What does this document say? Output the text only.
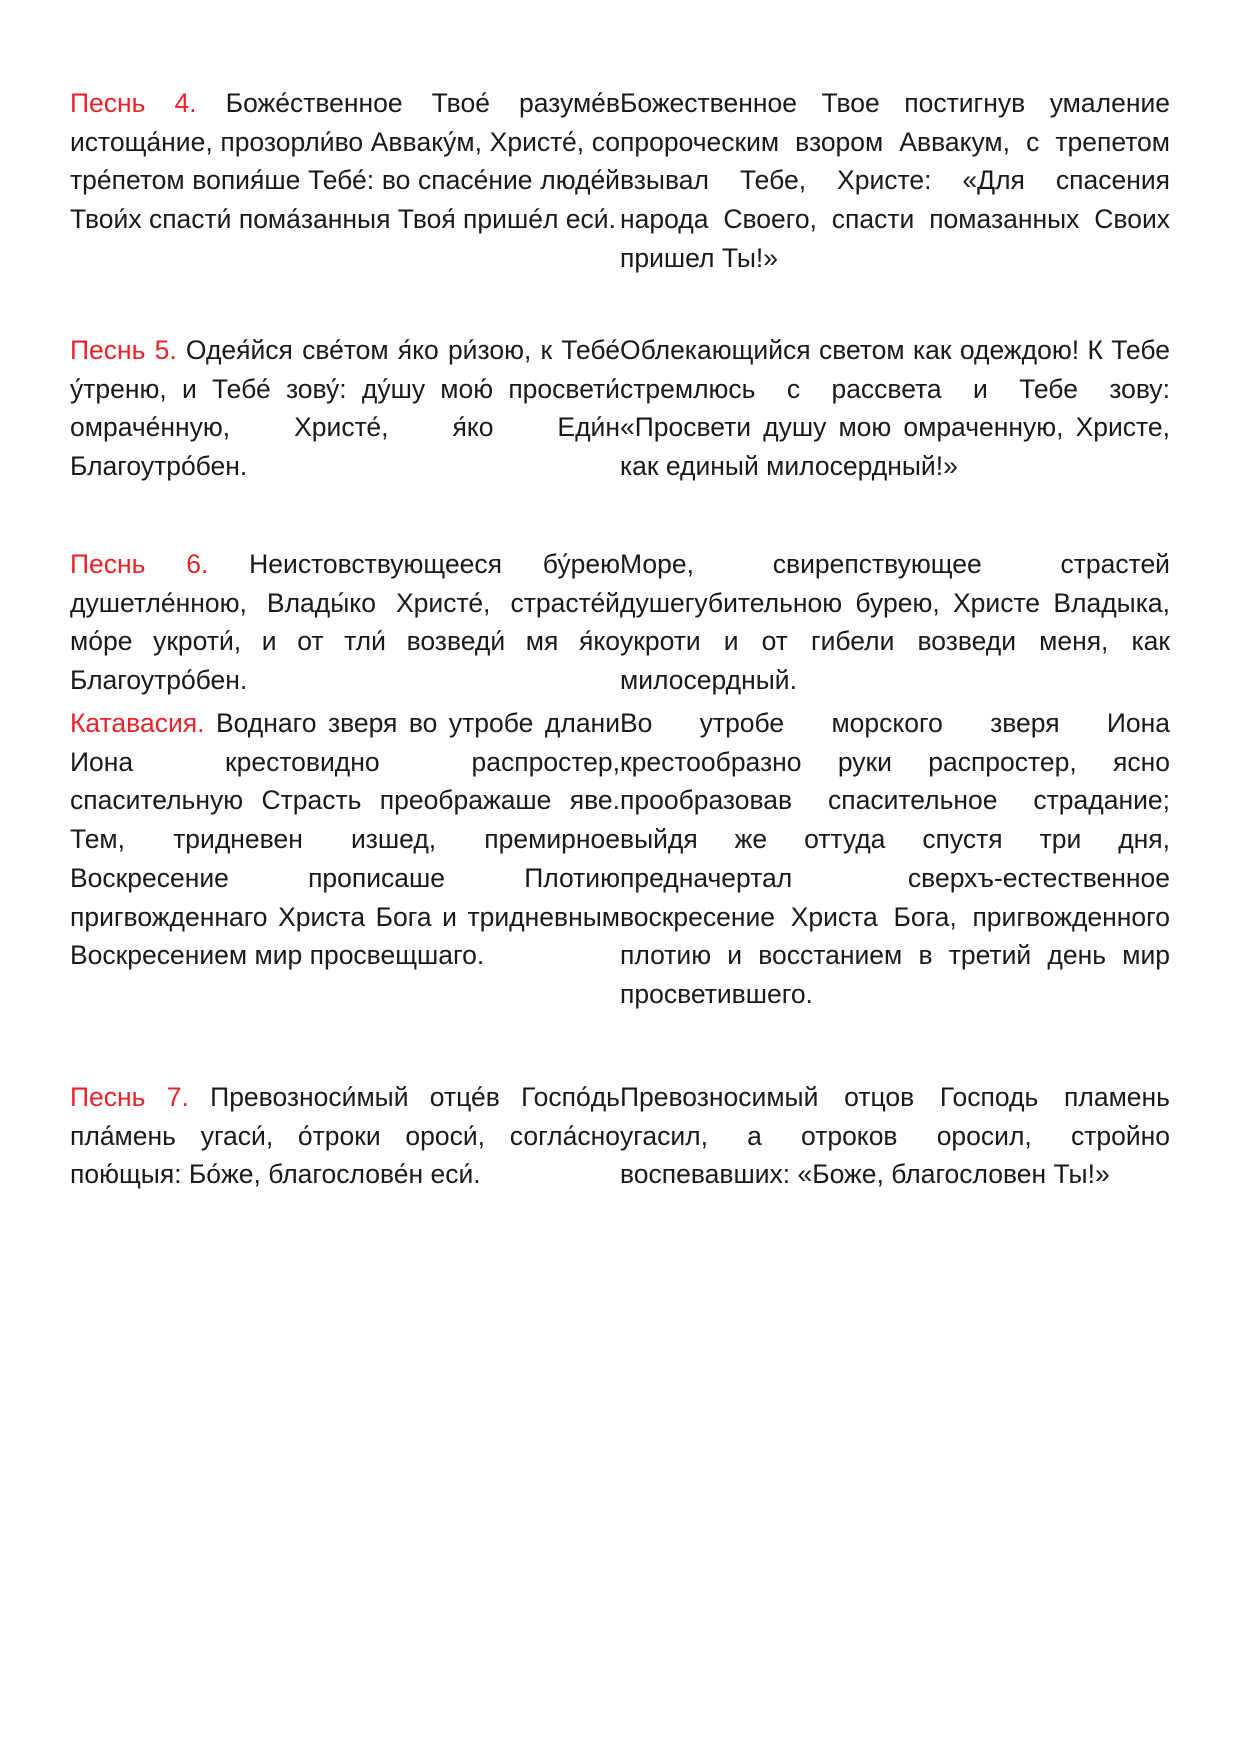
Песнь 4. Боже́ственное Твое́ разуме́в истоща́ние, прозорли́во Аввaку́м, Христе́, со тре́петом вопия́ше Тебе́: во спасе́ние люде́й Твои́х спасти́ пома́занныя Твоя́ пришéл еси́.

Божественное Твое постигнув умаление пророческим взором Аввакум, с трепетом взывал Тебе, Христе: «Для спасения народа Своего, спасти помазанных Своих пришел Ты!»

Песнь 5. Одея́йся све́том я́ко ри́зою, к Тебе́ у́треню, и Тебе́ зову́: ду́шу мою́ просвети́ омраче́нную, Христе́, я́ко Еди́н Благоутро́бен.

Облекающийся светом как одеждою! К Тебе стремлюсь с рассвета и Тебе зову: «Просвети душу мою омраченную, Христе, как единый милосердный!»

Песнь 6. Неистовствующееся бу́рею душетле́нною, Влады́ко Христе́, страсте́й мо́ре укроти́, и от тли́ возведи́ мя я́ко Благоутро́бен.

Море, свирепствующее страстей душегубительною бурею, Христе Владыка, укроти и от гибели возведи меня, как милосердный.

Катавасия. Воднаго зверя во утробе длани Иона крестовидно распростер, спасительную Страсть преображаше яве. Тем, тридневен изшед, премирное Воскресение прописаше Плотию пригвожденнаго Христа Бога и тридневным Воскресением мир просвещшаго.

Во утробе морского зверя Иона крестообразно руки распростер, ясно прообразовав спасительное страдание; выйдя же оттуда спустя три дня, предначертал сверхъ-естественное воскресение Христа Бога, пригвожденного плотию и восстанием в третий день мир просветившего.

Песнь 7. Превозноси́мый отце́в Госпо́дь пла́мень угаси́, о́троки ороси́, согла́сно пою́щыя: Бо́же, благослове́н еси́.

Превозносимый отцов Господь пламень угасил, а отроков оросил, стройно воспевавших: «Боже, благословен Ты!»
